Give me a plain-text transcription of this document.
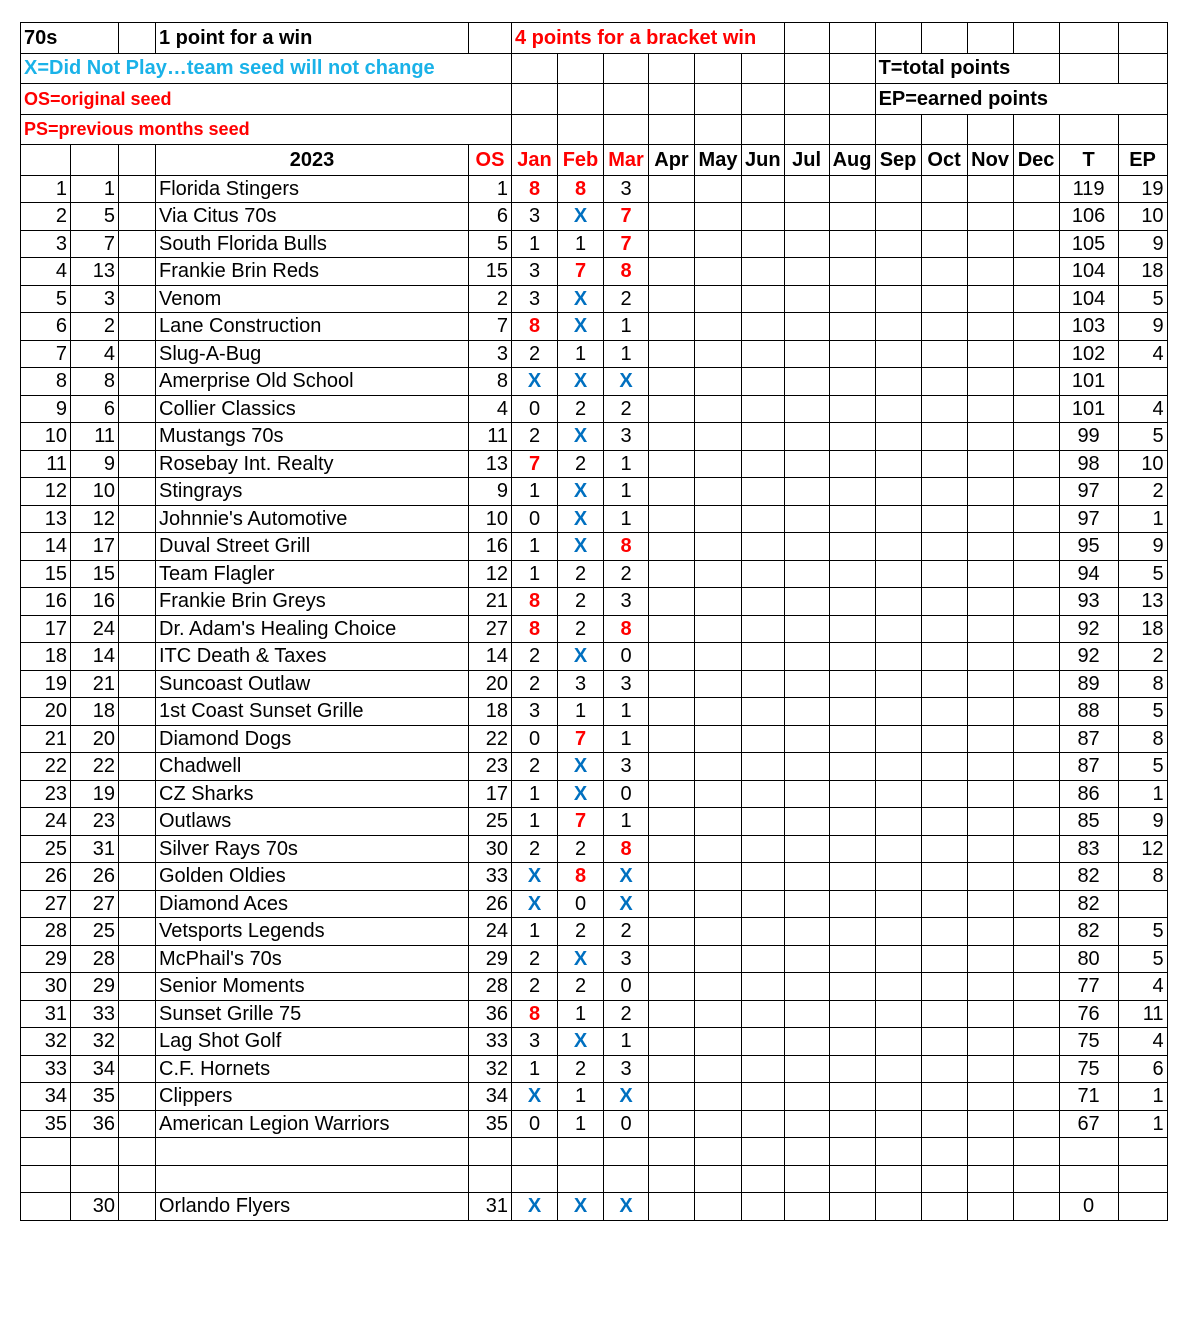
70s			1 point for a win		4 points for a bracket win													
X=Did Not Play…team seed will not change													T=total points					
OS=original seed													EP=earned points					
PS=previous months seed																		
			2023	OS	Jan	Feb	Mar	Apr	May	Jun	Jul	Aug	Sep	Oct	Nov	Dec	T	EP
1	1		Florida Stingers	1	8	8	3										119	19
2	5		Via Citus 70s	6	3	X	7										106	10
3	7		South Florida Bulls	5	1	1	7										105	9
4	13		Frankie Brin Reds	15	3	7	8										104	18
5	3		Venom	2	3	X	2										104	5
6	2		Lane Construction	7	8	X	1										103	9
7	4		Slug-A-Bug	3	2	1	1										102	4
8	8		Amerprise Old School	8	X	X	X										101	
9	6		Collier Classics	4	0	2	2										101	4
10	11		Mustangs 70s	11	2	X	3										99	5
11	9		Rosebay Int. Realty	13	7	2	1										98	10
12	10		Stingrays	9	1	X	1										97	2
13	12		Johnnie's Automotive	10	0	X	1										97	1
14	17		Duval Street Grill	16	1	X	8										95	9
15	15		Team Flagler	12	1	2	2										94	5
16	16		Frankie Brin Greys	21	8	2	3										93	13
17	24		Dr. Adam's Healing Choice	27	8	2	8										92	18
18	14		ITC Death & Taxes	14	2	X	0										92	2
19	21		Suncoast Outlaw	20	2	3	3										89	8
20	18		1st Coast Sunset Grille	18	3	1	1										88	5
21	20		Diamond Dogs	22	0	7	1										87	8
22	22		Chadwell	23	2	X	3										87	5
23	19		CZ Sharks	17	1	X	0										86	1
24	23		Outlaws	25	1	7	1										85	9
25	31		Silver Rays 70s	30	2	2	8										83	12
26	26		Golden Oldies	33	X	8	X										82	8
27	27		Diamond Aces	26	X	0	X										82	
28	25		Vetsports Legends	24	1	2	2										82	5
29	28		McPhail's 70s	29	2	X	3										80	5
30	29		Senior Moments	28	2	2	0										77	4
31	33		Sunset Grille 75	36	8	1	2										76	11
32	32		Lag Shot Golf	33	3	X	1										75	4
33	34		C.F. Hornets	32	1	2	3										75	6
34	35		Clippers	34	X	1	X										71	1
35	36		American Legion Warriors	35	0	1	0										67	1

	30		Orlando Flyers	31	X	X	X										0	
